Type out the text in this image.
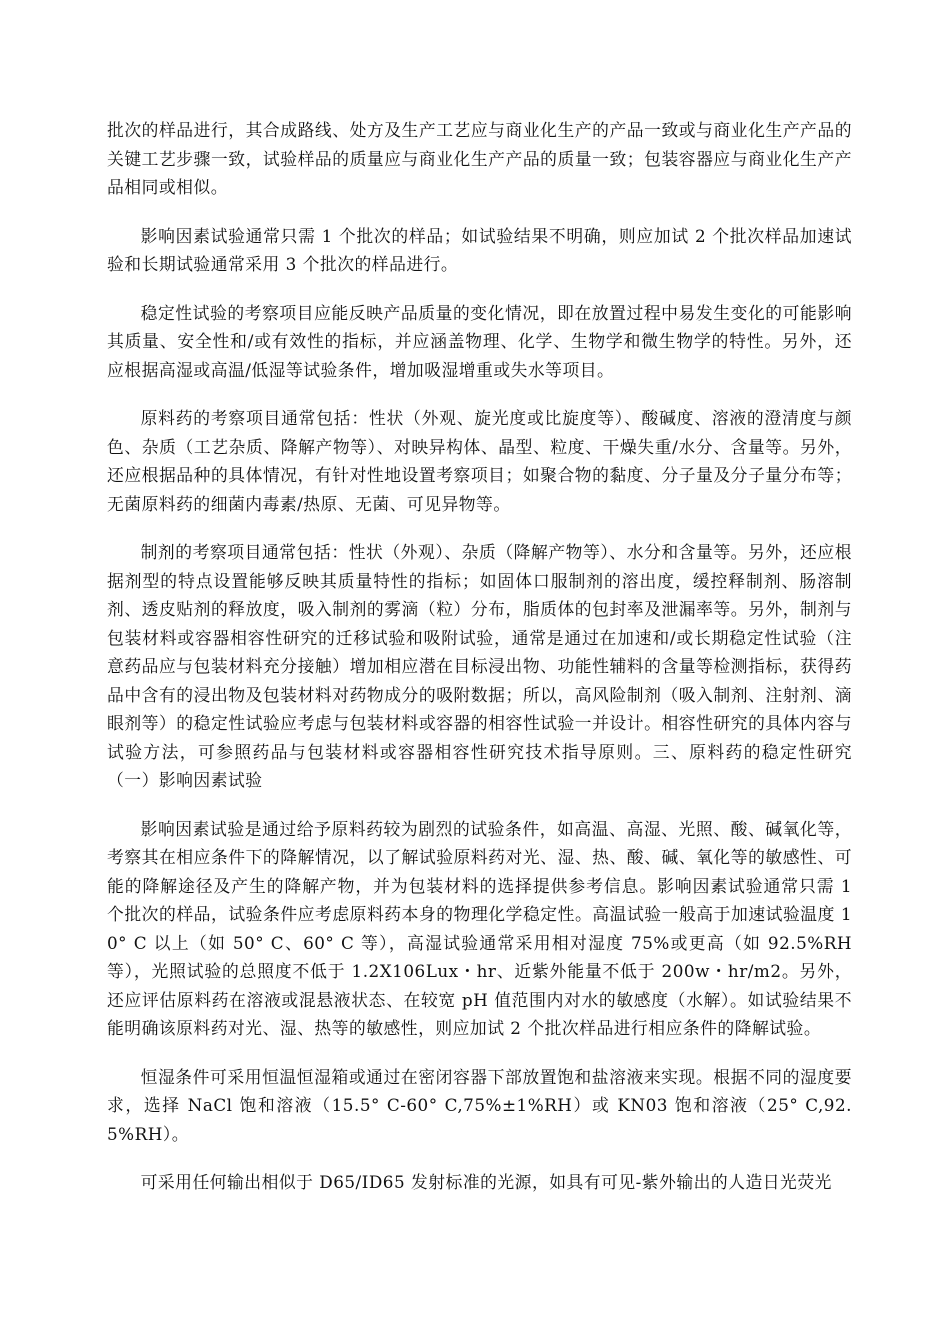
批次的样品进行，其合成路线、处方及生产工艺应与商业化生产的产品一致或与商业化生产产品的关键工艺步骤一致，试验样品的质量应与商业化生产产品的质量一致；包装容器应与商业化生产产品相同或相似。

影响因素试验通常只需 1 个批次的样品；如试验结果不明确，则应加试 2 个批次样品加速试验和长期试验通常采用 3 个批次的样品进行。

稳定性试验的考察项目应能反映产品质量的变化情况，即在放置过程中易发生变化的可能影响其质量、安全性和/或有效性的指标，并应涵盖物理、化学、生物学和微生物学的特性。另外，还应根据高湿或高温/低湿等试验条件，增加吸湿增重或失水等项目。

原料药的考察项目通常包括：性状（外观、旋光度或比旋度等）、酸碱度、溶液的澄清度与颜色、杂质（工艺杂质、降解产物等）、对映异构体、晶型、粒度、干燥失重/水分、含量等。另外，还应根据品种的具体情况，有针对性地设置考察项目；如聚合物的黏度、分子量及分子量分布等；无菌原料药的细菌内毒素/热原、无菌、可见异物等。

制剂的考察项目通常包括：性状（外观）、杂质（降解产物等）、水分和含量等。另外，还应根据剂型的特点设置能够反映其质量特性的指标；如固体口服制剂的溶出度，缓控释制剂、肠溶制剂、透皮贴剂的释放度，吸入制剂的雾滴（粒）分布，脂质体的包封率及泄漏率等。另外，制剂与包装材料或容器相容性研究的迁移试验和吸附试验，通常是通过在加速和/或长期稳定性试验（注意药品应与包装材料充分接触）增加相应潜在目标浸出物、功能性辅料的含量等检测指标，获得药品中含有的浸出物及包装材料对药物成分的吸附数据；所以，高风险制剂（吸入制剂、注射剂、滴眼剂等）的稳定性试验应考虑与包装材料或容器的相容性试验一并设计。相容性研究的具体内容与试验方法，可参照药品与包装材料或容器相容性研究技术指导原则。三、原料药的稳定性研究（一）影响因素试验

影响因素试验是通过给予原料药较为剧烈的试验条件，如高温、高湿、光照、酸、碱氧化等，考察其在相应条件下的降解情况，以了解试验原料药对光、湿、热、酸、碱、氧化等的敏感性、可能的降解途径及产生的降解产物，并为包装材料的选择提供参考信息。影响因素试验通常只需 1 个批次的样品，试验条件应考虑原料药本身的物理化学稳定性。高温试验一般高于加速试验温度 10° C 以上（如 50° C、60° C 等），高湿试验通常采用相对湿度 75%或更高（如 92.5%RH 等），光照试验的总照度不低于 1.2X106Lux・hr、近紫外能量不低于 200w・hr/m2。另外，还应评估原料药在溶液或混悬液状态、在较宽 pH 值范围内对水的敏感度（水解）。如试验结果不能明确该原料药对光、湿、热等的敏感性，则应加试 2 个批次样品进行相应条件的降解试验。

恒湿条件可采用恒温恒湿箱或通过在密闭容器下部放置饱和盐溶液来实现。根据不同的湿度要求，选择 NaCl 饱和溶液（15.5° C-60° C,75%±1%RH）或 KN03 饱和溶液（25° C,92.5%RH）。

可采用任何输出相似于 D65/ID65 发射标准的光源，如具有可见-紫外输出的人造日光荧光
